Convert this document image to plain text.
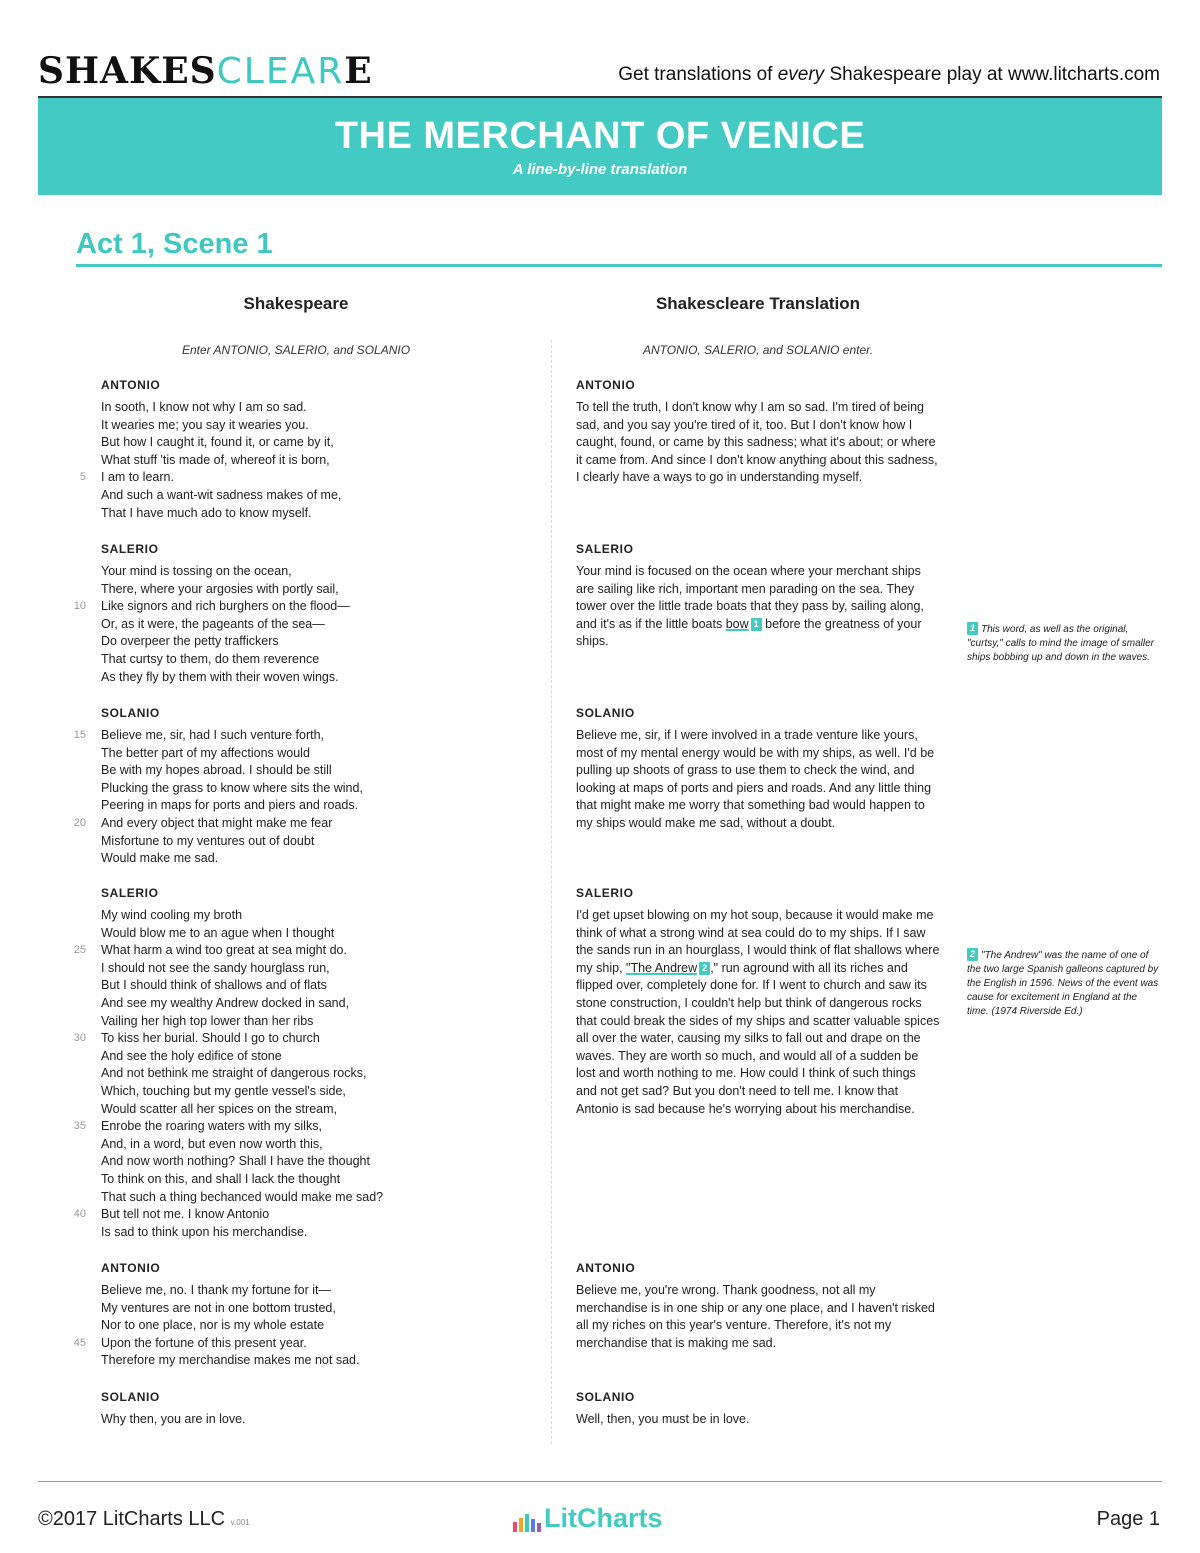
SHAKES CLEAR E	Get translations of every Shakespeare play at www.litcharts.com
THE MERCHANT OF VENICE
A line-by-line translation
Act 1, Scene 1
Shakespeare	Shakescleare Translation
Enter ANTONIO, SALERIO, and SOLANIO	ANTONIO, SALERIO, and SOLANIO enter.
ANTONIO
In sooth, I know not why I am so sad.
It wearies me; you say it wearies you.
But how I caught it, found it, or came by it,
What stuff 'tis made of, whereof it is born,
I am to learn.
And such a want-wit sadness makes of me,
That I have much ado to know myself.
5
ANTONIO
To tell the truth, I don't know why I am so sad. I'm tired of being sad, and you say you're tired of it, too. But I don't know how I caught, found, or came by this sadness; what it's about; or where it came from. And since I don't know anything about this sadness, I clearly have a ways to go in understanding myself.
SALERIO
Your mind is tossing on the ocean,
There, where your argosies with portly sail,
Like signors and rich burghers on the flood—
Or, as it were, the pageants of the sea—
Do overpeer the petty traffickers
That curtsy to them, do them reverence
As they fly by them with their woven wings.
10
SALERIO
Your mind is focused on the ocean where your merchant ships are sailing like rich, important men parading on the sea. They tower over the little trade boats that they pass by, sailing along, and it's as if the little boats bow 1 before the greatness of your ships.
SOLANIO
Believe me, sir, had I such venture forth,
The better part of my affections would
Be with my hopes abroad. I should be still
Plucking the grass to know where sits the wind,
Peering in maps for ports and piers and roads.
And every object that might make me fear
Misfortune to my ventures out of doubt
Would make me sad.
15
20
SOLANIO
Believe me, sir, if I were involved in a trade venture like yours, most of my mental energy would be with my ships, as well. I'd be pulling up shoots of grass to use them to check the wind, and looking at maps of ports and piers and roads. And any little thing that might make me worry that something bad would happen to my ships would make me sad, without a doubt.
SALERIO
My wind cooling my broth
Would blow me to an ague when I thought
What harm a wind too great at sea might do.
I should not see the sandy hourglass run,
But I should think of shallows and of flats
And see my wealthy Andrew docked in sand,
Vailing her high top lower than her ribs
To kiss her burial. Should I go to church
And see the holy edifice of stone
And not bethink me straight of dangerous rocks,
Which, touching but my gentle vessel's side,
Would scatter all her spices on the stream,
Enrobe the roaring waters with my silks,
And, in a word, but even now worth this,
And now worth nothing? Shall I have the thought
To think on this, and shall I lack the thought
That such a thing bechanced would make me sad?
But tell not me. I know Antonio
Is sad to think upon his merchandise.
25
30
35
40
SALERIO
I'd get upset blowing on my hot soup, because it would make me think of what a strong wind at sea could do to my ships. If I saw the sands run in an hourglass, I would think of flat shallows where my ship, "The Andrew 2 ," run aground with all its riches and flipped over, completely done for. If I went to church and saw its stone construction, I couldn't help but think of dangerous rocks that could break the sides of my ships and scatter valuable spices all over the water, causing my silks to fall out and drape on the waves. They are worth so much, and would all of a sudden be lost and worth nothing to me. How could I think of such things and not get sad? But you don't need to tell me. I know that Antonio is sad because he's worrying about his merchandise.
ANTONIO
Believe me, no. I thank my fortune for it—
My ventures are not in one bottom trusted,
Nor to one place, nor is my whole estate
Upon the fortune of this present year.
Therefore my merchandise makes me not sad.
45
ANTONIO
Believe me, you're wrong. Thank goodness, not all my merchandise is in one ship or any one place, and I haven't risked all my riches on this year's venture. Therefore, it's not my merchandise that is making me sad.
SOLANIO
Why then, you are in love.
SOLANIO
Well, then, you must be in love.
1 This word, as well as the original, "curtsy," calls to mind the image of smaller ships bobbing up and down in the waves.
2 "The Andrew" was the name of one of the two large Spanish galleons captured by the English in 1596. News of the event was cause for excitement in England at the time. (1974 Riverside Ed.)
©2017 LitCharts LLC v.001	LitCharts	Page 1
